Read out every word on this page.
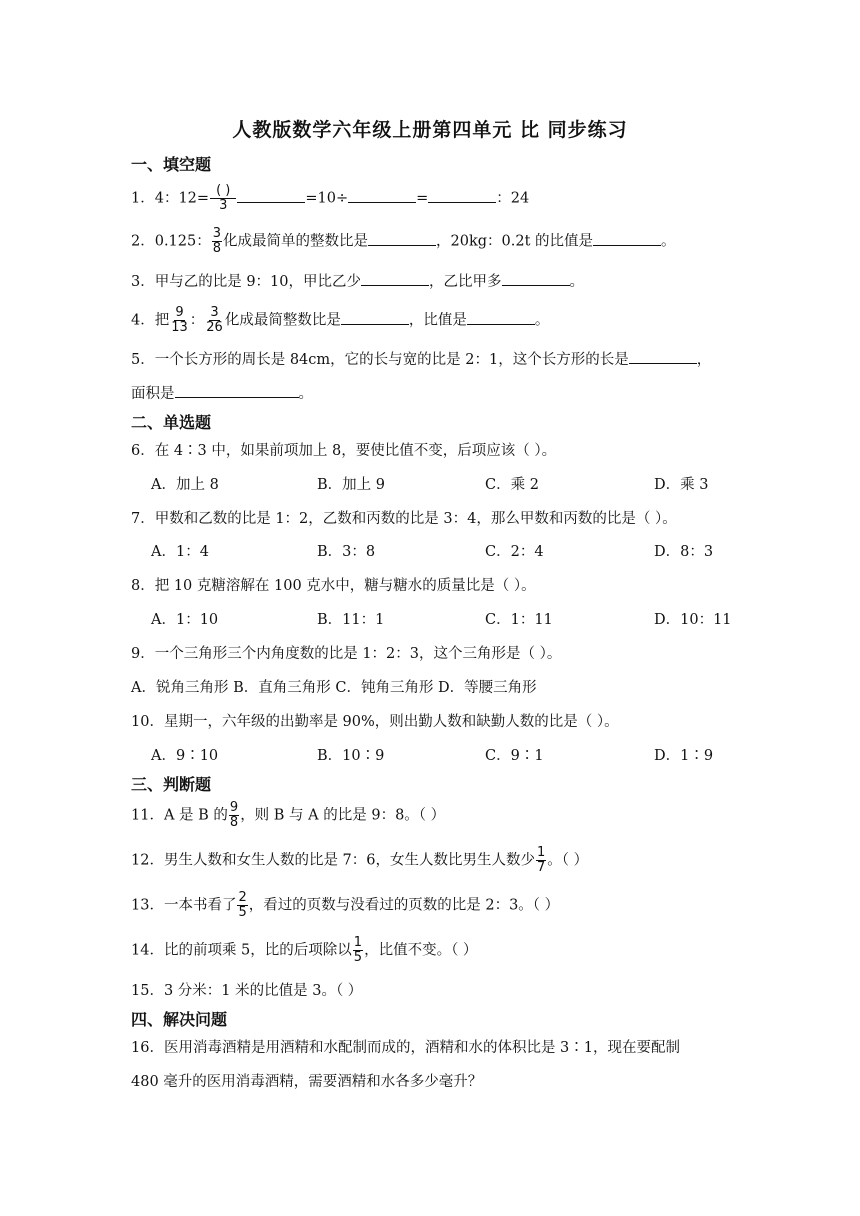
人教版数学六年级上册第四单元 比 同步练习
一、填空题
1．4：$12= \frac{( )}{3}$	=10÷	=	：24
2．0.125： $\frac{3}{8}$ 化成最简单的整数比是	，20kg：0.2t 的比值是	。
3．甲与乙的比是 9：10，甲比乙少	，乙比甲多	。
4．把 $\frac{9}{13}$ ： $\frac{3}{26}$ 化成最简整数比是	，比值是	。
5．一个长方形的周长是 84cm，它的长与宽的比是 2：1，这个长方形的长是	，
面积是	。
二、单选题
6．在 4∶3 中，如果前项加上 8，要使比值不变，后项应该（ ）。
A．加上 8	B．加上 9	C．乘 2	D．乘 3
7．甲数和乙数的比是 1：2，乙数和丙数的比是 3：4，那么甲数和丙数的比是（ ）。
A．1：4	B．3：8	C．2：4	D．8：3
8．把 10 克糖溶解在 100 克水中，糖与糖水的质量比是（ ）。
A．1：10	B．11：1	C．1：11	D．10：11
9．一个三角形三个内角度数的比是 1：2：3，这个三角形是（ ）。
A．锐角三角形 B．直角三角形 C．钝角三角形 D．等腰三角形
10．星期一，六年级的出勤率是 90%，则出勤人数和缺勤人数的比是（ ）。
A．9∶10	B．10∶9	C．9∶1	D．1∶9
三、判断题
11．A 是 B 的 $\frac{9}{8}$ ，则 B 与 A 的比是 9：8。（ ）
12．男生人数和女生人数的比是 7：6，女生人数比男生人数少 $\frac{1}{7}$ 。（ ）
13．一本书看了 $\frac{2}{5}$ ，看过的页数与没看过的页数的比是 2：3。（ ）
14．比的前项乘 5，比的后项除以 $\frac{1}{5}$ ，比值不变。（ ）
15．3 分米：1 米的比值是 3。（ ）
四、解决问题
16．医用消毒酒精是用酒精和水配制而成的，酒精和水的体积比是 3∶1，现在要配制
480 毫升的医用消毒酒精，需要酒精和水各多少毫升？
